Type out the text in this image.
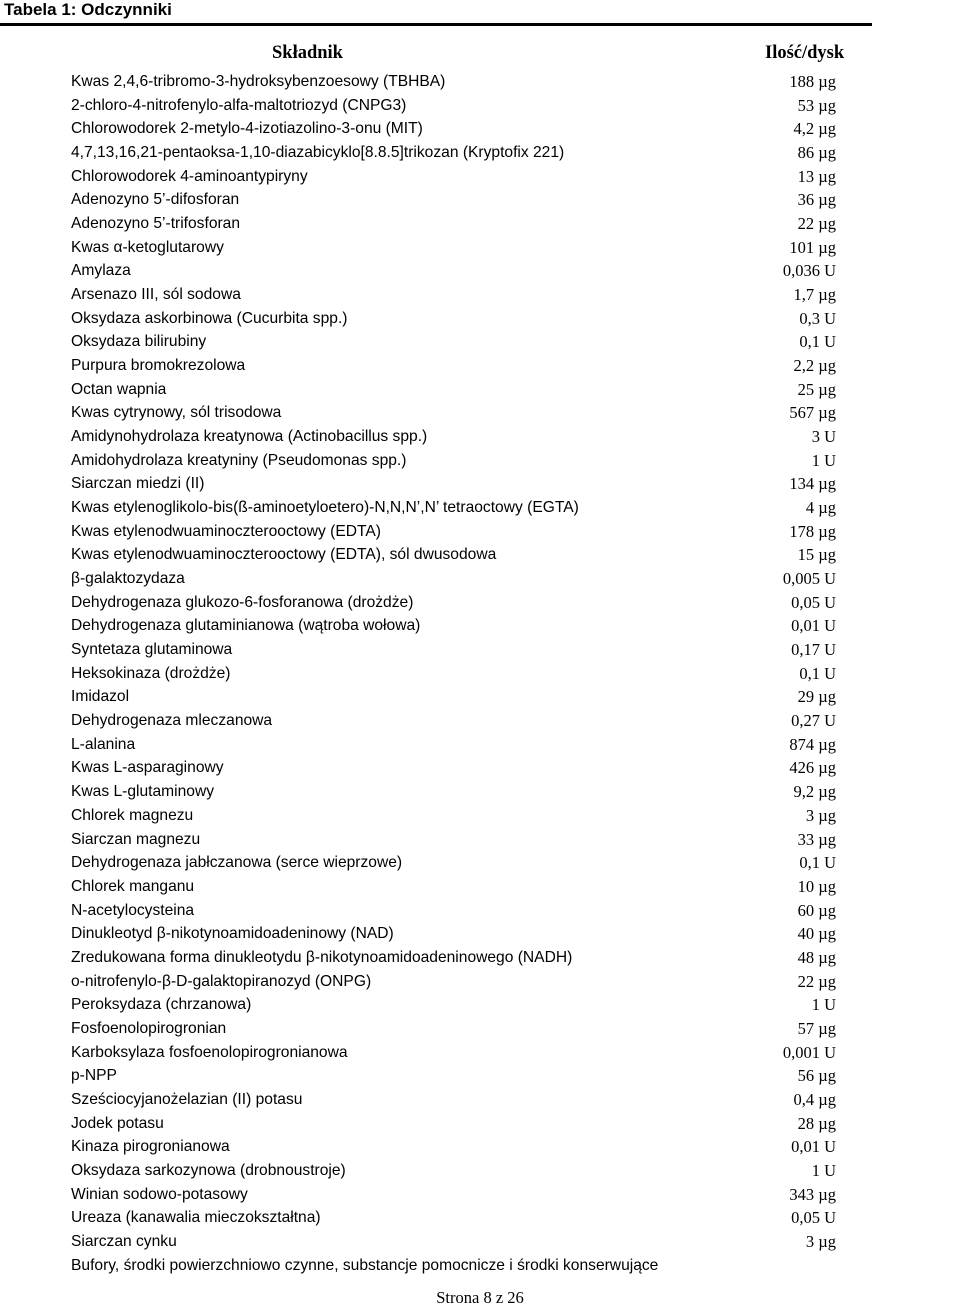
Tabela 1: Odczynniki
Składnik	Ilość/dysk
Kwas 2,4,6-tribromo-3-hydroksybenzoesowy (TBHBA)	188 µg
2-chloro-4-nitrofenylo-alfa-maltotriozyd (CNPG3)	53 µg
Chlorowodorek 2-metylo-4-izotiazolino-3-onu (MIT)	4,2 µg
4,7,13,16,21-pentaoksa-1,10-diazabicyklo[8.8.5]trikozan (Kryptofix 221)	86 µg
Chlorowodorek 4-aminoantypiryny	13 µg
Adenozyno 5’-difosforan	36 µg
Adenozyno 5’-trifosforan	22 µg
Kwas α-ketoglutarowy	101 µg
Amylaza	0,036 U
Arsenazo III, sól sodowa	1,7 µg
Oksydaza askorbinowa (Cucurbita spp.)	0,3 U
Oksydaza bilirubiny	0,1 U
Purpura bromokrezolowa	2,2 µg
Octan wapnia	25 µg
Kwas cytrynowy, sól trisodowa	567 µg
Amidynohydrolaza kreatynowa (Actinobacillus spp.)	3 U
Amidohydrolaza kreatyniny (Pseudomonas spp.)	1 U
Siarczan miedzi (II)	134 µg
Kwas etylenoglikolo-bis(ß-aminoetyloetero)-N,N,N’,N’ tetraoctowy (EGTA)	4 µg
Kwas etylenodwuaminoczterooctowy (EDTA)	178 µg
Kwas etylenodwuaminoczterooctowy (EDTA), sól dwusodowa	15 µg
β-galaktozydaza	0,005 U
Dehydrogenaza glukozo-6-fosforanowa (drożdże)	0,05 U
Dehydrogenaza glutaminianowa (wątroba wołowa)	0,01 U
Syntetaza glutaminowa	0,17 U
Heksokinaza (drożdże)	0,1 U
Imidazol	29 µg
Dehydrogenaza mleczanowa	0,27 U
L-alanina	874 µg
Kwas L-asparaginowy	426 µg
Kwas L-glutaminowy	9,2 µg
Chlorek magnezu	3 µg
Siarczan magnezu	33 µg
Dehydrogenaza jabłczanowa (serce wieprzowe)	0,1 U
Chlorek manganu	10 µg
N-acetylocysteina	60 µg
Dinukleotyd β-nikotynoamidoadeninowy (NAD)	40 µg
Zredukowana forma dinukleotydu β-nikotynoamidoadeninowego (NADH)	48 µg
o-nitrofenylo-β-D-galaktopiranozyd (ONPG)	22 µg
Peroksydaza (chrzanowa)	1 U
Fosfoenolopirogronian	57 µg
Karboksylaza fosfoenolopirogronianowa	0,001 U
p-NPP	56 µg
Sześciocyjanożelazian (II) potasu	0,4 µg
Jodek potasu	28 µg
Kinaza pirogronianowa	0,01 U
Oksydaza sarkozynowa (drobnoustroje)	1 U
Winian sodowo-potasowy	343 µg
Ureaza (kanawalia mieczokształtna)	0,05 U
Siarczan cynku	3 µg
Bufory, środki powierzchniowo czynne, substancje pomocnicze i środki konserwujące
Strona 8 z 26
